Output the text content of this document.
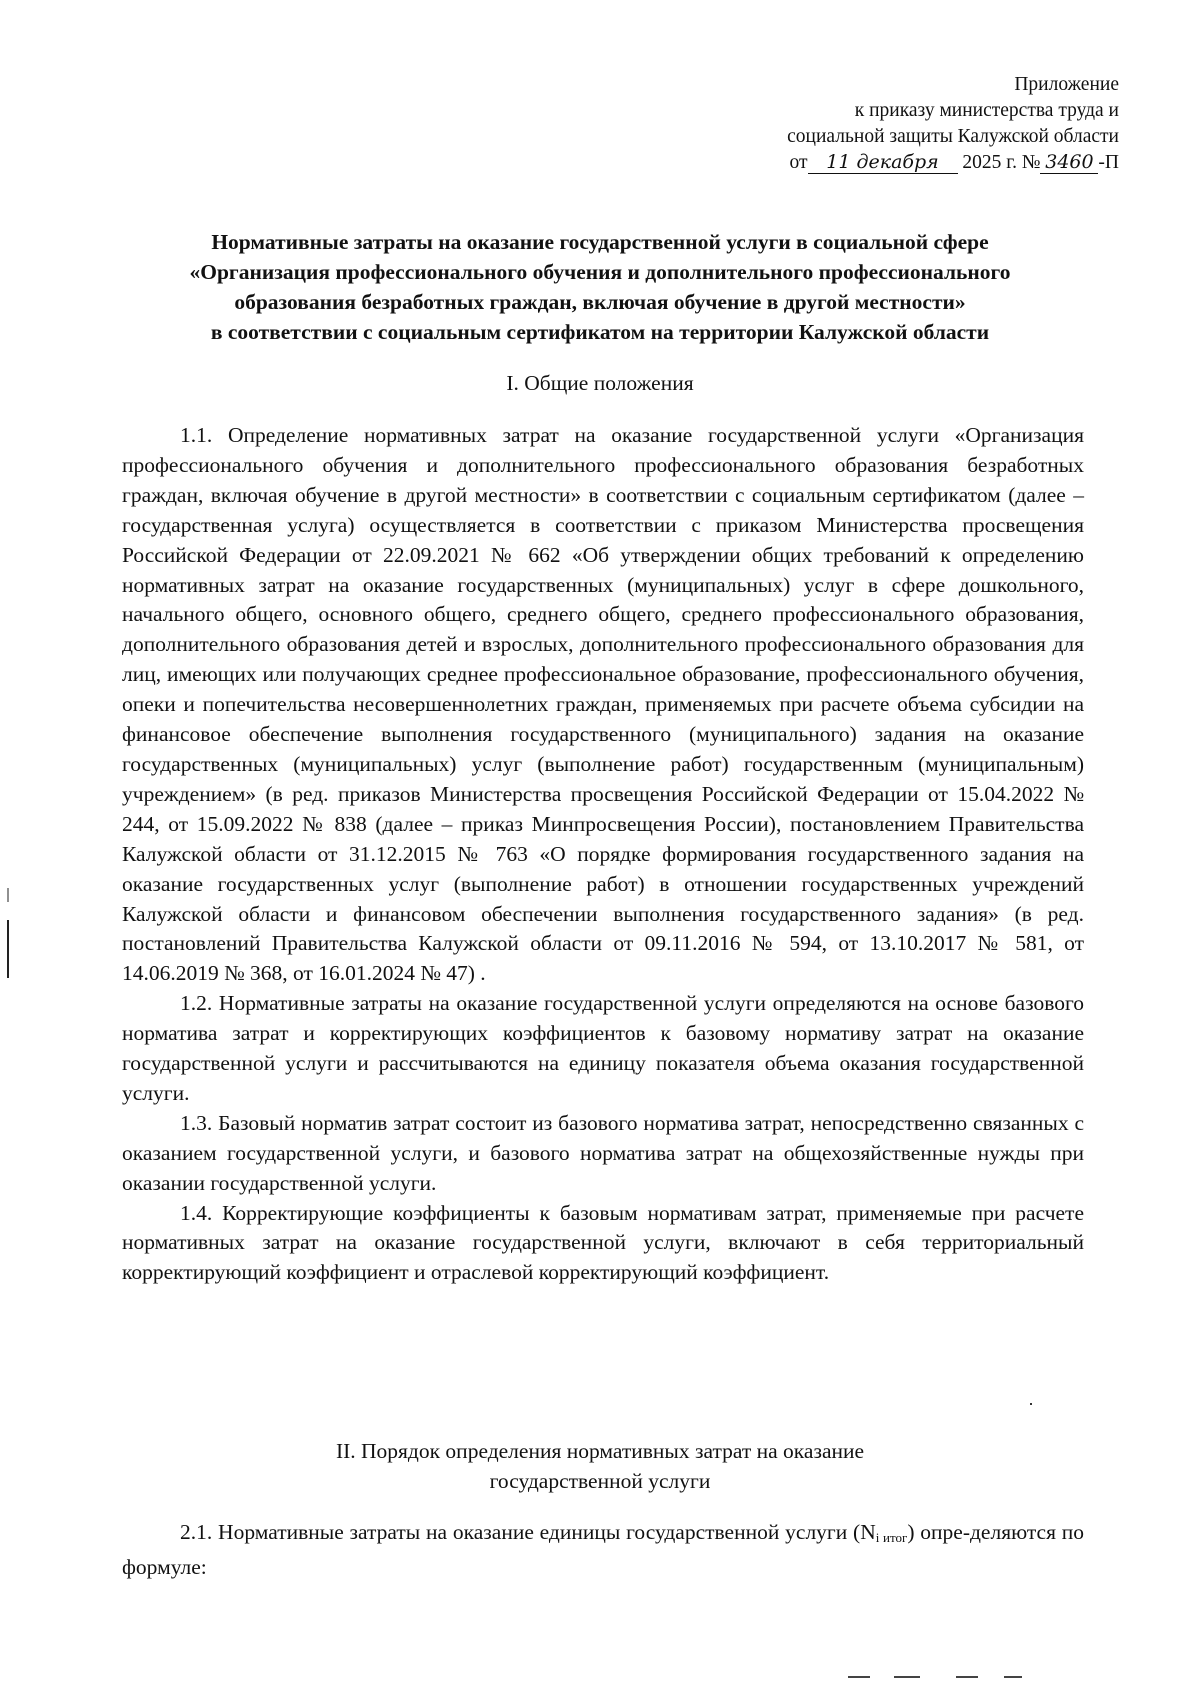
Приложение
к приказу министерства труда и
социальной защиты Калужской области
от 11 декабря 2025 г. № 3460 -П
Нормативные затраты на оказание государственной услуги в социальной сфере
«Организация профессионального обучения и дополнительного профессионального
образования безработных граждан, включая обучение в другой местности»
в соответствии с социальным сертификатом на территории Калужской области
I. Общие положения

1.1. Определение нормативных затрат на оказание государственной услуги «Организация профессионального обучения и дополнительного профессионального образования безработных граждан, включая обучение в другой местности» в соответствии с социальным сертификатом (далее – государственная услуга) осуществляется в соответствии с приказом Министерства просвещения Российской Федерации от 22.09.2021 № 662 «Об утверждении общих требований к определению нормативных затрат на оказание государственных (муниципальных) услуг в сфере дошкольного, начального общего, основного общего, среднего общего, среднего профессионального образования, дополнительного образования детей и взрослых, дополнительного профессионального образования для лиц, имеющих или получающих среднее профессиональное образование, профессионального обучения, опеки и попечительства несовершеннолетних граждан, применяемых при расчете объема субсидии на финансовое обеспечение выполнения государственного (муниципального) задания на оказание государственных (муниципальных) услуг (выполнение работ) государственным (муниципальным) учреждением» (в ред. приказов Министерства просвещения Российской Федерации от 15.04.2022 № 244, от 15.09.2022 № 838 (далее – приказ Минпросвещения России), постановлением Правительства Калужской области от 31.12.2015 № 763 «О порядке формирования государственного задания на оказание государственных услуг (выполнение работ) в отношении государственных учреждений Калужской области и финансовом обеспечении выполнения государственного задания» (в ред. постановлений Правительства Калужской области от 09.11.2016 № 594, от 13.10.2017 № 581, от 14.06.2019 № 368, от 16.01.2024 № 47) .

1.2. Нормативные затраты на оказание государственной услуги определяются на основе базового норматива затрат и корректирующих коэффициентов к базовому нормативу затрат на оказание государственной услуги и рассчитываются на единицу показателя объема оказания государственной услуги.

1.3. Базовый норматив затрат состоит из базового норматива затрат, непосредственно связанных с оказанием государственной услуги, и базового норматива затрат на общехозяйственные нужды при оказании государственной услуги.

1.4. Корректирующие коэффициенты к базовым нормативам затрат, применяемые при расчете нормативных затрат на оказание государственной услуги, включают в себя территориальный корректирующий коэффициент и отраслевой корректирующий коэффициент.

II. Порядок определения нормативных затрат на оказание
государственной услуги

2.1. Нормативные затраты на оказание единицы государственной услуги $(N_{i итог})$ опре-деляются по формуле:
